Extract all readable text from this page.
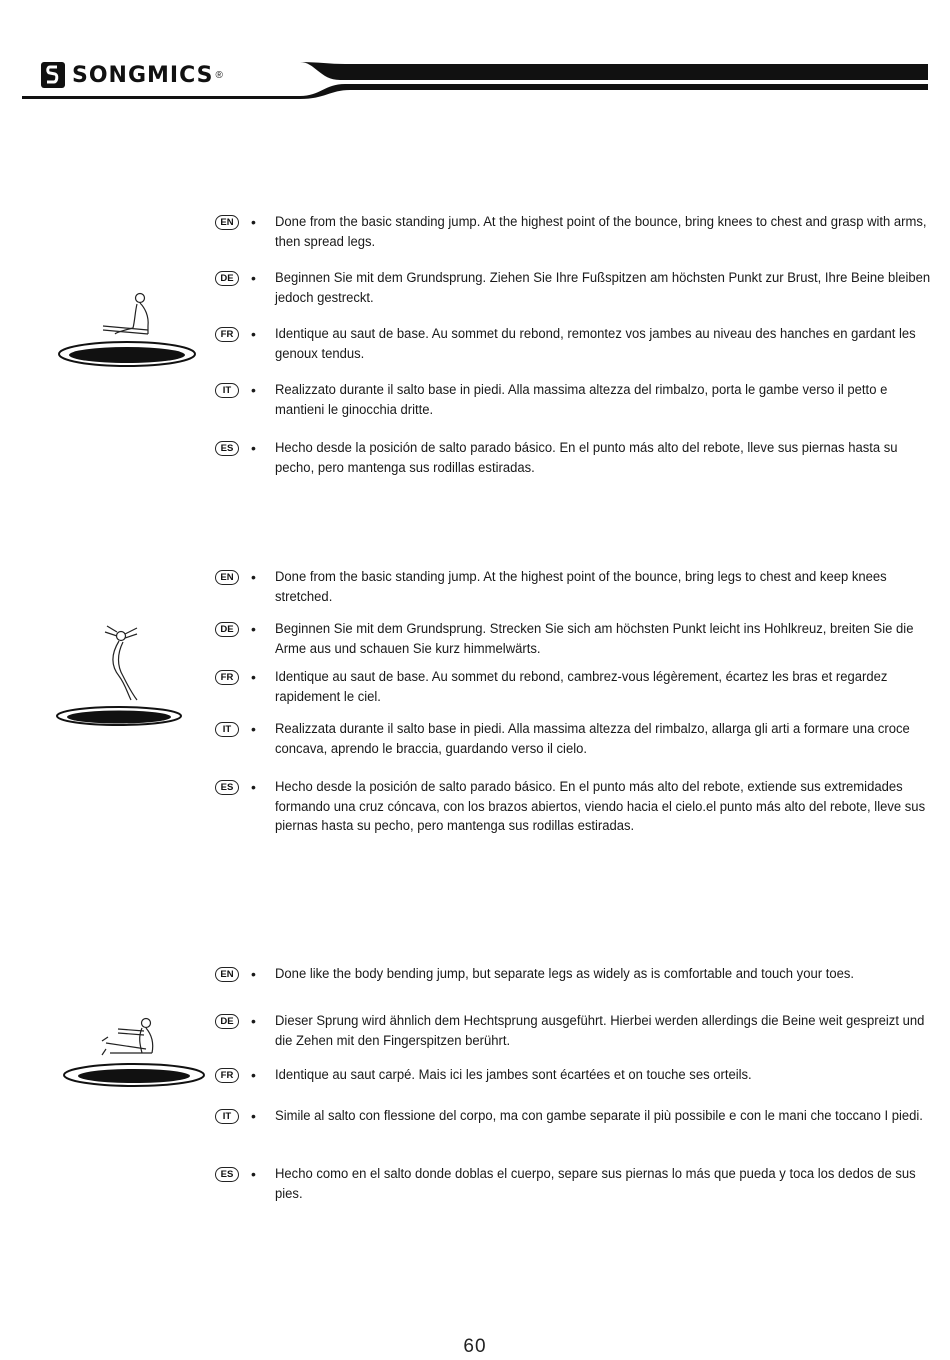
SONGMICS ®
EN	• Done from the basic standing jump. At the highest point of the bounce, bring knees to chest and grasp with arms, then spread legs.
DE	• Beginnen Sie mit dem Grundsprung. Ziehen Sie Ihre Fußspitzen am höchsten Punkt zur Brust, Ihre Beine bleiben jedoch gestreckt.
FR	• Identique au saut de base. Au sommet du rebond, remontez vos jambes au niveau des hanches en gardant les genoux tendus.
IT	• Realizzato durante il salto base in piedi. Alla massima altezza del rimbalzo, porta le gambe verso il petto e mantieni le ginocchia dritte.
ES	• Hecho desde la posición de salto parado básico. En el punto más alto del rebote, lleve sus piernas hasta su pecho, pero mantenga sus rodillas estiradas.
EN	• Done from the basic standing jump. At the highest point of the bounce, bring legs to chest and keep knees stretched.
DE	• Beginnen Sie mit dem Grundsprung. Strecken Sie sich am höchsten Punkt leicht ins Hohlkreuz, breiten Sie die Arme aus und schauen Sie kurz himmelwärts.
FR	• Identique au saut de base. Au sommet du rebond, cambrez-vous légèrement, écartez les bras et regardez rapidement le ciel.
IT	• Realizzata durante il salto base in piedi. Alla massima altezza del rimbalzo, allarga gli arti a formare una croce concava, aprendo le braccia, guardando verso il cielo.
ES	• Hecho desde la posición de salto parado básico. En el punto más alto del rebote, extiende sus extremidades formando una cruz cóncava, con los brazos abiertos, viendo hacia el cielo.el punto más alto del rebote, lleve sus piernas hasta su pecho, pero mantenga sus rodillas estiradas.
EN	• Done like the body bending jump, but separate legs as widely as is comfortable and touch your toes.
DE	• Dieser Sprung wird ähnlich dem Hechtsprung ausgeführt. Hierbei werden allerdings die Beine weit gespreizt und die Zehen mit den Fingerspitzen berührt.
FR	• Identique au saut carpé. Mais ici les jambes sont écartées et on touche ses orteils.
IT	• Simile al salto con flessione del corpo, ma con gambe separate il più possibile e con le mani che toccano I piedi.
ES	• Hecho como en el salto donde doblas el cuerpo, separe sus piernas lo más que pueda y toca los dedos de sus pies.
60
